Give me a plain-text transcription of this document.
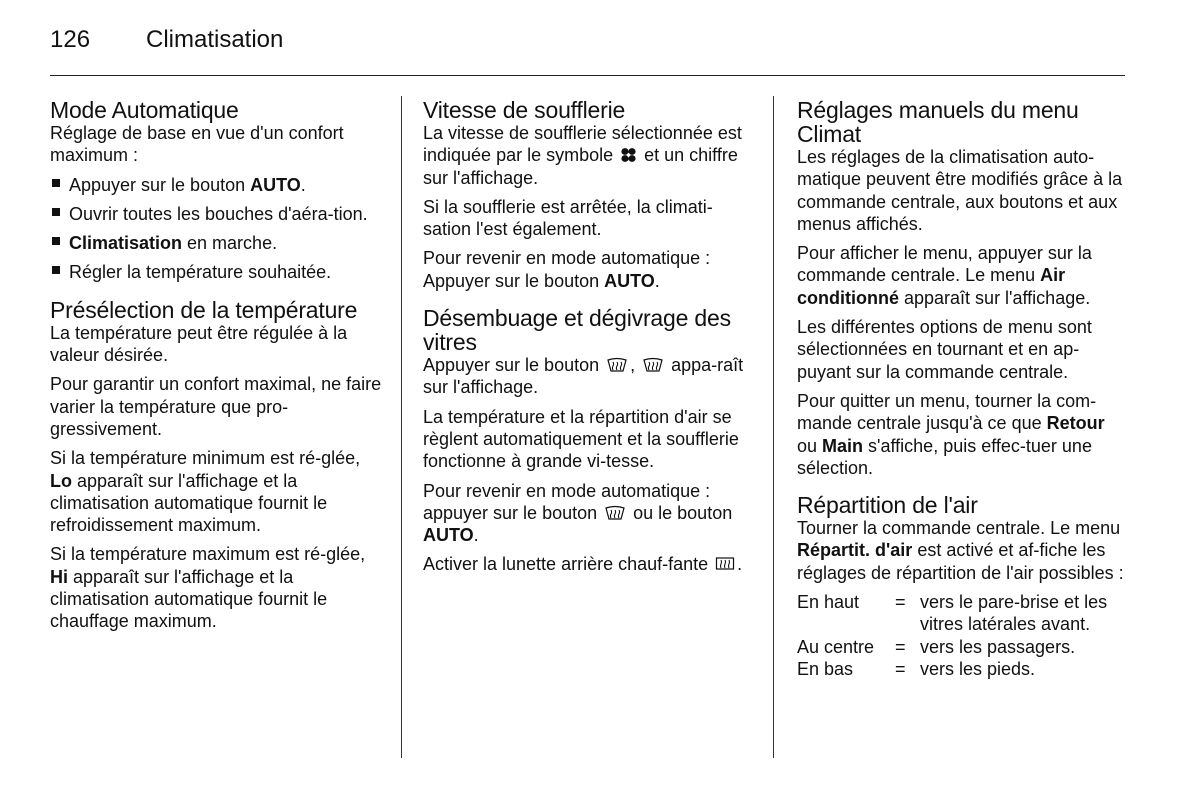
126 Climatisation
Mode Automatique

Réglage de base en vue d'un confort maximum :

Appuyer sur le bouton AUTO.
Ouvrir toutes les bouches d'aéra-tion.
Climatisation en marche.
Régler la température souhaitée.
Présélection de la température

La température peut être régulée à la valeur désirée.

Pour garantir un confort maximal, ne faire varier la température que pro-gressivement.

Si la température minimum est ré-glée, Lo apparaît sur l'affichage et la climatisation automatique fournit le refroidissement maximum.

Si la température maximum est ré-glée, Hi apparaît sur l'affichage et la climatisation automatique fournit le chauffage maximum.

Vitesse de soufflerie

La vitesse de soufflerie sélectionnée est indiquée par le symbole  et un chiffre sur l'affichage.

Si la soufflerie est arrêtée, la climati-sation l'est également.

Pour revenir en mode automatique : Appuyer sur le bouton AUTO.

Désembuage et dégivrage des vitres

Appuyer sur le bouton ,  appa-raît sur l'affichage.

La température et la répartition d'air se règlent automatiquement et la soufflerie fonctionne à grande vi-tesse.

Pour revenir en mode automatique : appuyer sur le bouton  ou le bouton AUTO.

Activer la lunette arrière chauf-fante .

Réglages manuels du menu Climat

Les réglages de la climatisation auto-matique peuvent être modifiés grâce à la commande centrale, aux boutons et aux menus affichés.

Pour afficher le menu, appuyer sur la commande centrale. Le menu Air conditionné apparaît sur l'affichage.

Les différentes options de menu sont sélectionnées en tournant et en ap-puyant sur la commande centrale.

Pour quitter un menu, tourner la com-mande centrale jusqu'à ce que Retour ou Main s'affiche, puis effec-tuer une sélection.

Répartition de l'air

Tourner la commande centrale. Le menu Répartit. d'air est activé et af-fiche les réglages de répartition de l'air possibles :

En haut	= vers le pare-brise et les vitres latérales avant.
Au centre	= vers les passagers.
En bas	= vers les pieds.
